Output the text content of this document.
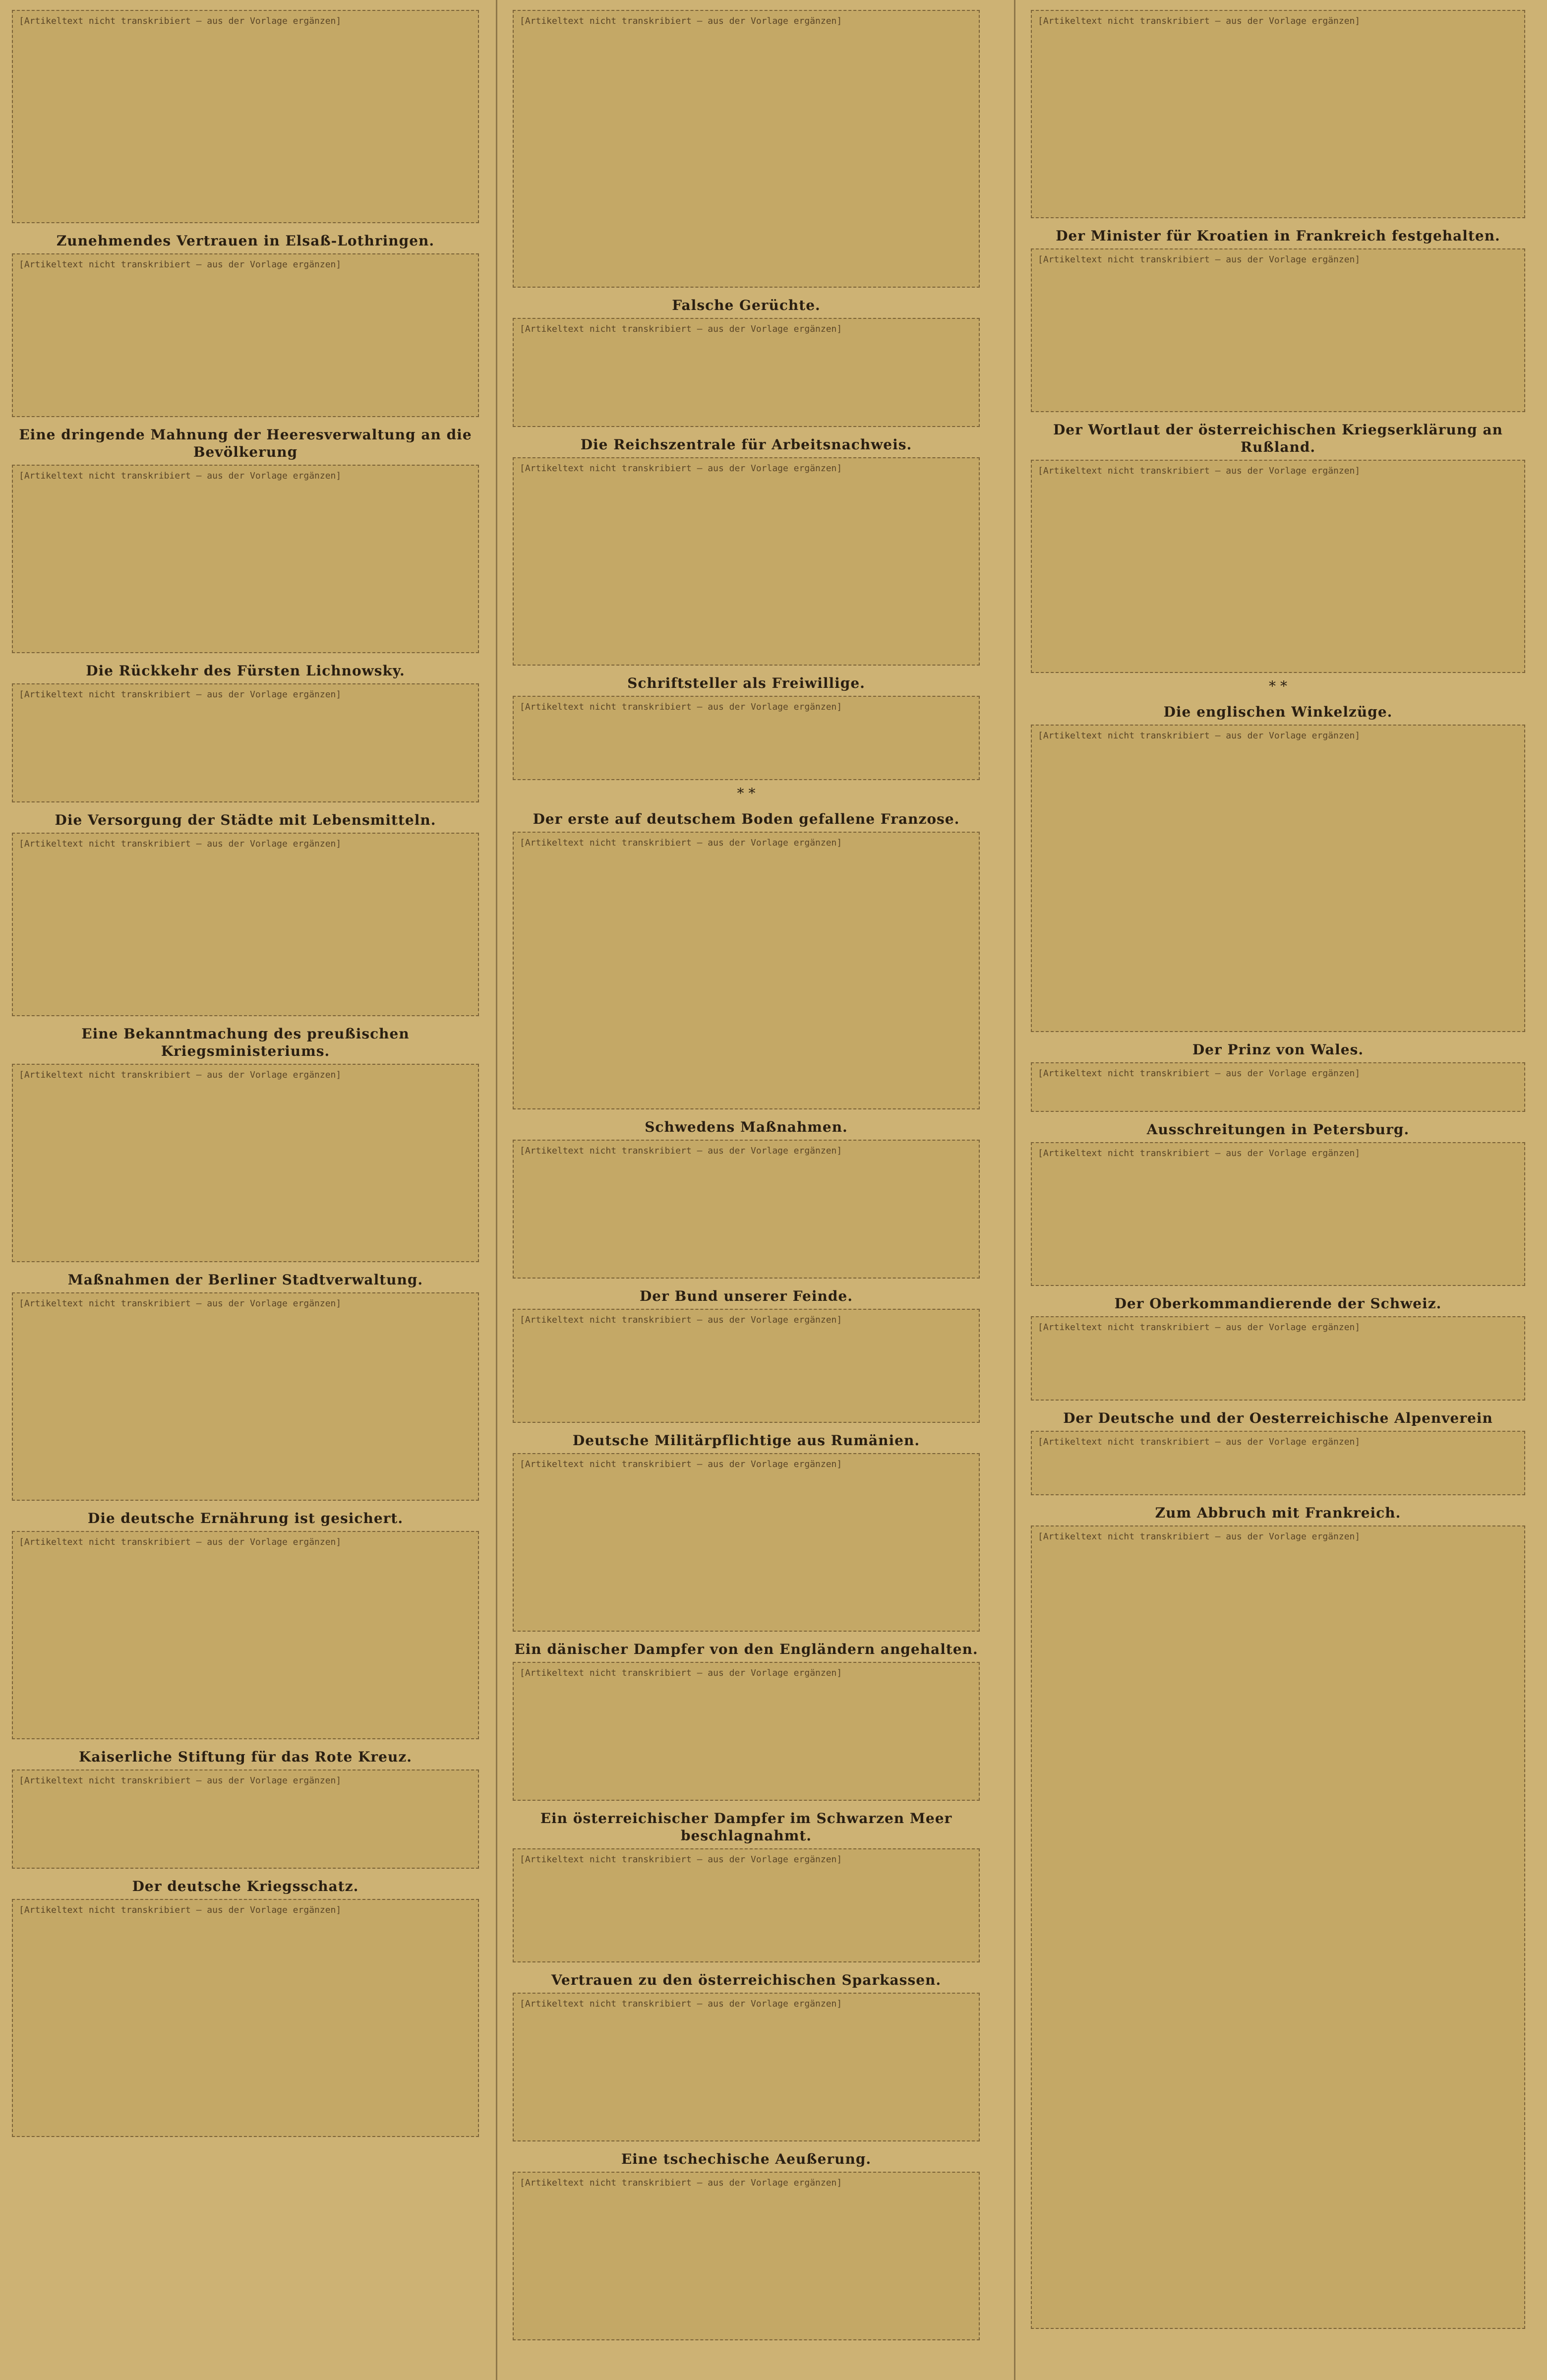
[Artikeltext nicht transkribiert — aus der Vorlage ergänzen]
Zunehmendes Vertrauen in Elsaß-Lothringen.
[Artikeltext nicht transkribiert — aus der Vorlage ergänzen]
Eine dringende Mahnung der Heeresverwaltung an die Bevölkerung
[Artikeltext nicht transkribiert — aus der Vorlage ergänzen]
Die Rückkehr des Fürsten Lichnowsky.
[Artikeltext nicht transkribiert — aus der Vorlage ergänzen]
Die Versorgung der Städte mit Lebensmitteln.
[Artikeltext nicht transkribiert — aus der Vorlage ergänzen]
Eine Bekanntmachung des preußischen Kriegsministeriums.
[Artikeltext nicht transkribiert — aus der Vorlage ergänzen]
Maßnahmen der Berliner Stadtverwaltung.
[Artikeltext nicht transkribiert — aus der Vorlage ergänzen]
Die deutsche Ernährung ist gesichert.
[Artikeltext nicht transkribiert — aus der Vorlage ergänzen]
Kaiserliche Stiftung für das Rote Kreuz.
[Artikeltext nicht transkribiert — aus der Vorlage ergänzen]
Der deutsche Kriegsschatz.
[Artikeltext nicht transkribiert — aus der Vorlage ergänzen]
[Artikeltext nicht transkribiert — aus der Vorlage ergänzen]
Falsche Gerüchte.
[Artikeltext nicht transkribiert — aus der Vorlage ergänzen]
Die Reichszentrale für Arbeitsnachweis.
[Artikeltext nicht transkribiert — aus der Vorlage ergänzen]
Schriftsteller als Freiwillige.
[Artikeltext nicht transkribiert — aus der Vorlage ergänzen]
* *
Der erste auf deutschem Boden gefallene Franzose.
[Artikeltext nicht transkribiert — aus der Vorlage ergänzen]
Schwedens Maßnahmen.
[Artikeltext nicht transkribiert — aus der Vorlage ergänzen]
Der Bund unserer Feinde.
[Artikeltext nicht transkribiert — aus der Vorlage ergänzen]
Deutsche Militärpflichtige aus Rumänien.
[Artikeltext nicht transkribiert — aus der Vorlage ergänzen]
Ein dänischer Dampfer von den Engländern angehalten.
[Artikeltext nicht transkribiert — aus der Vorlage ergänzen]
Ein österreichischer Dampfer im Schwarzen Meer beschlagnahmt.
[Artikeltext nicht transkribiert — aus der Vorlage ergänzen]
Vertrauen zu den österreichischen Sparkassen.
[Artikeltext nicht transkribiert — aus der Vorlage ergänzen]
Eine tschechische Aeußerung.
[Artikeltext nicht transkribiert — aus der Vorlage ergänzen]
[Artikeltext nicht transkribiert — aus der Vorlage ergänzen]
Der Minister für Kroatien in Frankreich festgehalten.
[Artikeltext nicht transkribiert — aus der Vorlage ergänzen]
Der Wortlaut der österreichischen Kriegserklärung an Rußland.
[Artikeltext nicht transkribiert — aus der Vorlage ergänzen]
* *
Die englischen Winkelzüge.
[Artikeltext nicht transkribiert — aus der Vorlage ergänzen]
Der Prinz von Wales.
[Artikeltext nicht transkribiert — aus der Vorlage ergänzen]
Ausschreitungen in Petersburg.
[Artikeltext nicht transkribiert — aus der Vorlage ergänzen]
Der Oberkommandierende der Schweiz.
[Artikeltext nicht transkribiert — aus der Vorlage ergänzen]
Der Deutsche und der Oesterreichische Alpenverein
[Artikeltext nicht transkribiert — aus der Vorlage ergänzen]
Zum Abbruch mit Frankreich.
[Artikeltext nicht transkribiert — aus der Vorlage ergänzen]
